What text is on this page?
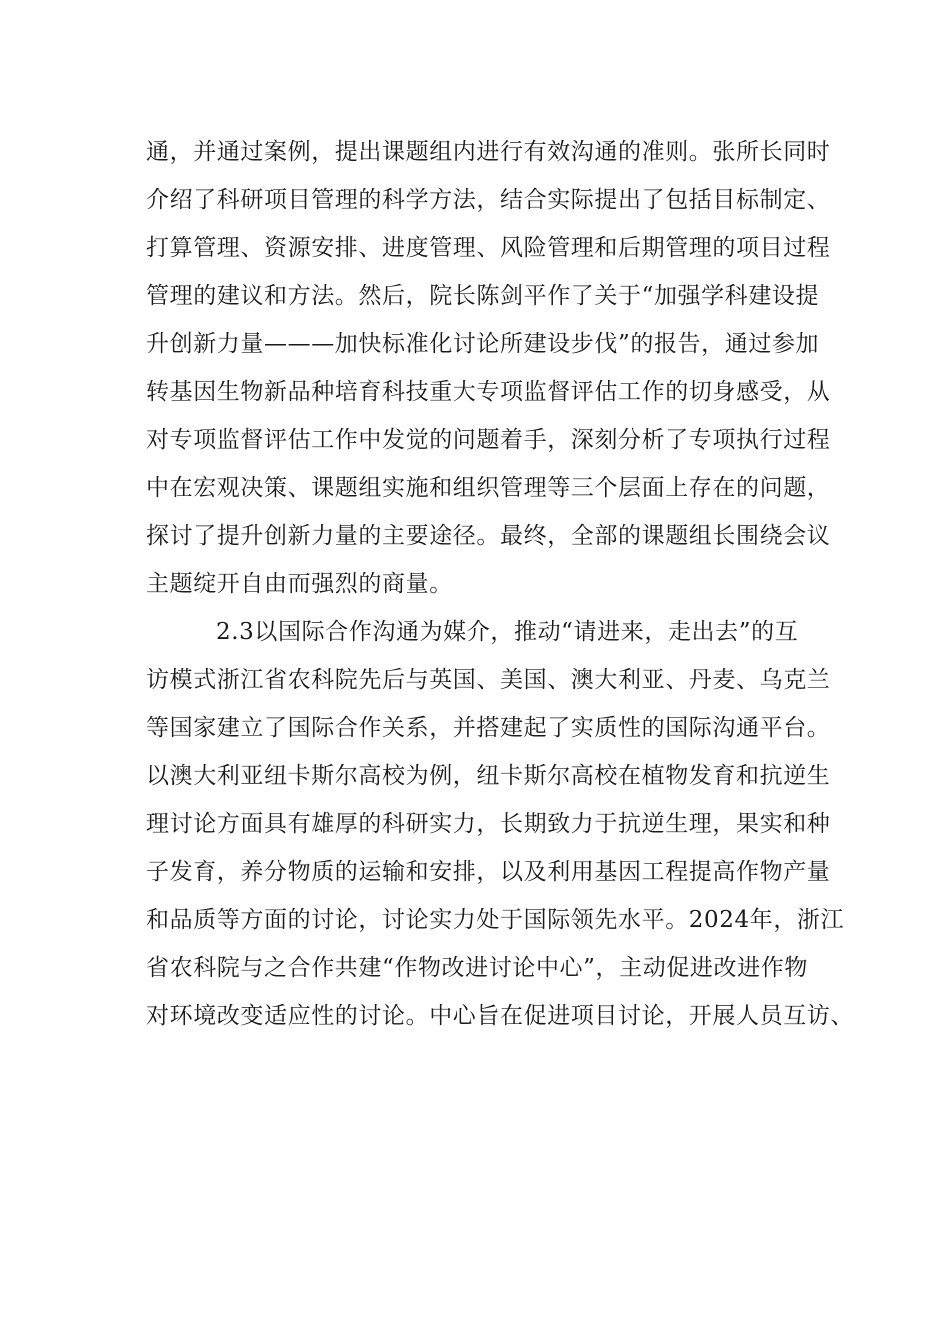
通，并通过案例，提出课题组内进行有效沟通的准则。张所长同时
介绍了科研项目管理的科学方法，结合实际提出了包括目标制定、
打算管理、资源安排、进度管理、风险管理和后期管理的项目过程
管理的建议和方法。然后，院长陈剑平作了关于“加强学科建设提
升创新力量———加快标准化讨论所建设步伐”的报告，通过参加
转基因生物新品种培育科技重大专项监督评估工作的切身感受，从
对专项监督评估工作中发觉的问题着手，深刻分析了专项执行过程
中在宏观决策、课题组实施和组织管理等三个层面上存在的问题，
探讨了提升创新力量的主要途径。最终，全部的课题组长围绕会议
主题绽开自由而强烈的商量。
2.3以国际合作沟通为媒介，推动“请进来，走出去”的互
访模式浙江省农科院先后与英国、美国、澳大利亚、丹麦、乌克兰
等国家建立了国际合作关系，并搭建起了实质性的国际沟通平台。
以澳大利亚纽卡斯尔高校为例，纽卡斯尔高校在植物发育和抗逆生
理讨论方面具有雄厚的科研实力，长期致力于抗逆生理，果实和种
子发育，养分物质的运输和安排，以及利用基因工程提高作物产量
和品质等方面的讨论，讨论实力处于国际领先水平。2024年，浙江
省农科院与之合作共建“作物改进讨论中心”，主动促进改进作物
对环境改变适应性的讨论。中心旨在促进项目讨论，开展人员互访、
